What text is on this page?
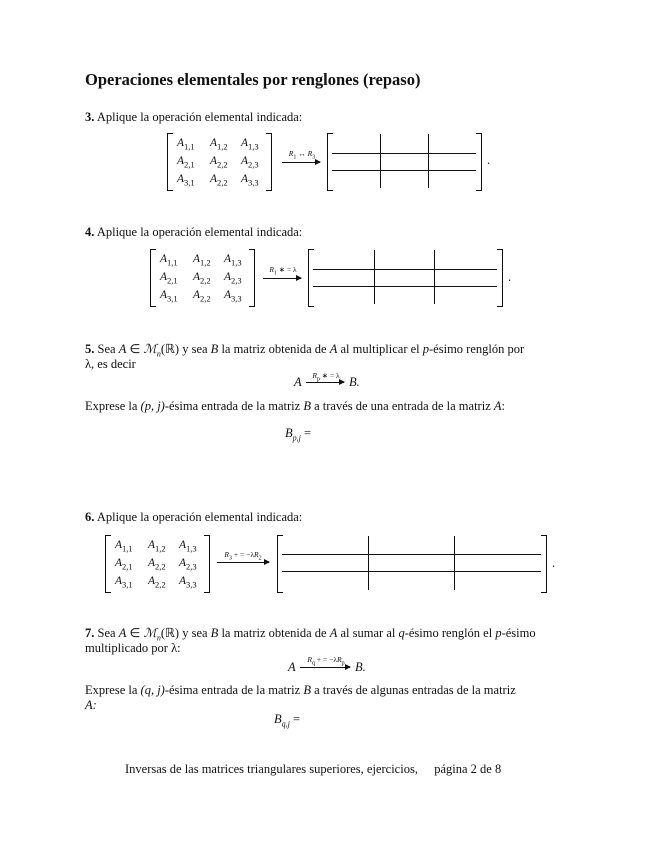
Operaciones elementales por renglones (repaso)
3. Aplique la operación elemental indicada:
$A_{1,1}$ $A_{1,2}$ $A_{1,3}$
$A_{2,1}$ $A_{2,2}$ $A_{2,3}$
$A_{3,1}$ $A_{2,2}$ $A_{3,3}$
$R_1$ ↔ $R_3$	.
4. Aplique la operación elemental indicada:
$A_{1,1}$ $A_{1,2}$ $A_{1,3}$
$A_{2,1}$ $A_{2,2}$ $A_{2,3}$
$A_{3,1}$ $A_{2,2}$ $A_{3,3}$
$R_1$ ∗ = λ
.
5. Sea A ∈ ℳ$_n$(ℝ) y sea B la matriz obtenida de A al multiplicar el p-ésimo renglón por
λ, es decir
A	$R_p$ ∗ = λ B.
Exprese la (p, j)-ésima entrada de la matriz B a través de una entrada de la matriz A:
$B_{p,j}$ =
6. Aplique la operación elemental indicada:
$A_{1,1}$ $A_{1,2}$ $A_{1,3}$
$A_{2,1}$ $A_{2,2}$ $A_{2,3}$
$A_{3,1}$ $A_{2,2}$ $A_{3,3}$
$R_3$ + = $-\lambda R_2$	.
7. Sea A ∈ ℳ$_n$(ℝ) y sea B la matriz obtenida de A al sumar al q-ésimo renglón el p-ésimo
multiplicado por λ:
A
$R_q$ + = $-\lambda R_p$ B.
Exprese la (q, j)-ésima entrada de la matriz B a través de algunas entradas de la matriz
A:
$B_{q,j}$ =
Inversas de las matrices triangulares superiores, ejercicios, página 2 de 8
